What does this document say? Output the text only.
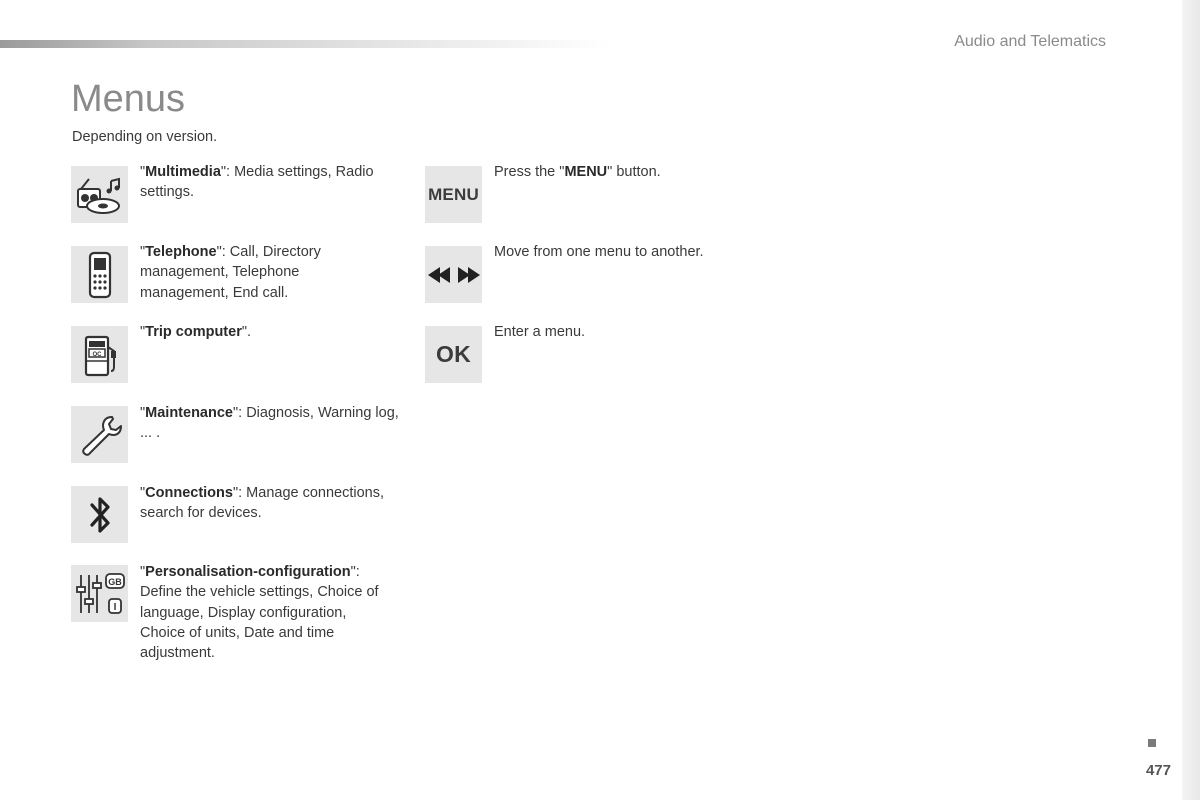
Audio and Telematics
Menus
Depending on version.
"Multimedia": Media settings, Radio settings.
"Telephone": Call, Directory management, Telephone management, End call.
OC
"Trip computer".
"Maintenance": Diagnosis, Warning log, ... .
"Connections": Manage connections, search for devices.
GB
I
"Personalisation-configuration": Define the vehicle settings, Choice of language, Display configuration, Choice of units, Date and time adjustment.
MENU
Press the "MENU" button.
Move from one menu to another.
OK
Enter a menu.
477
